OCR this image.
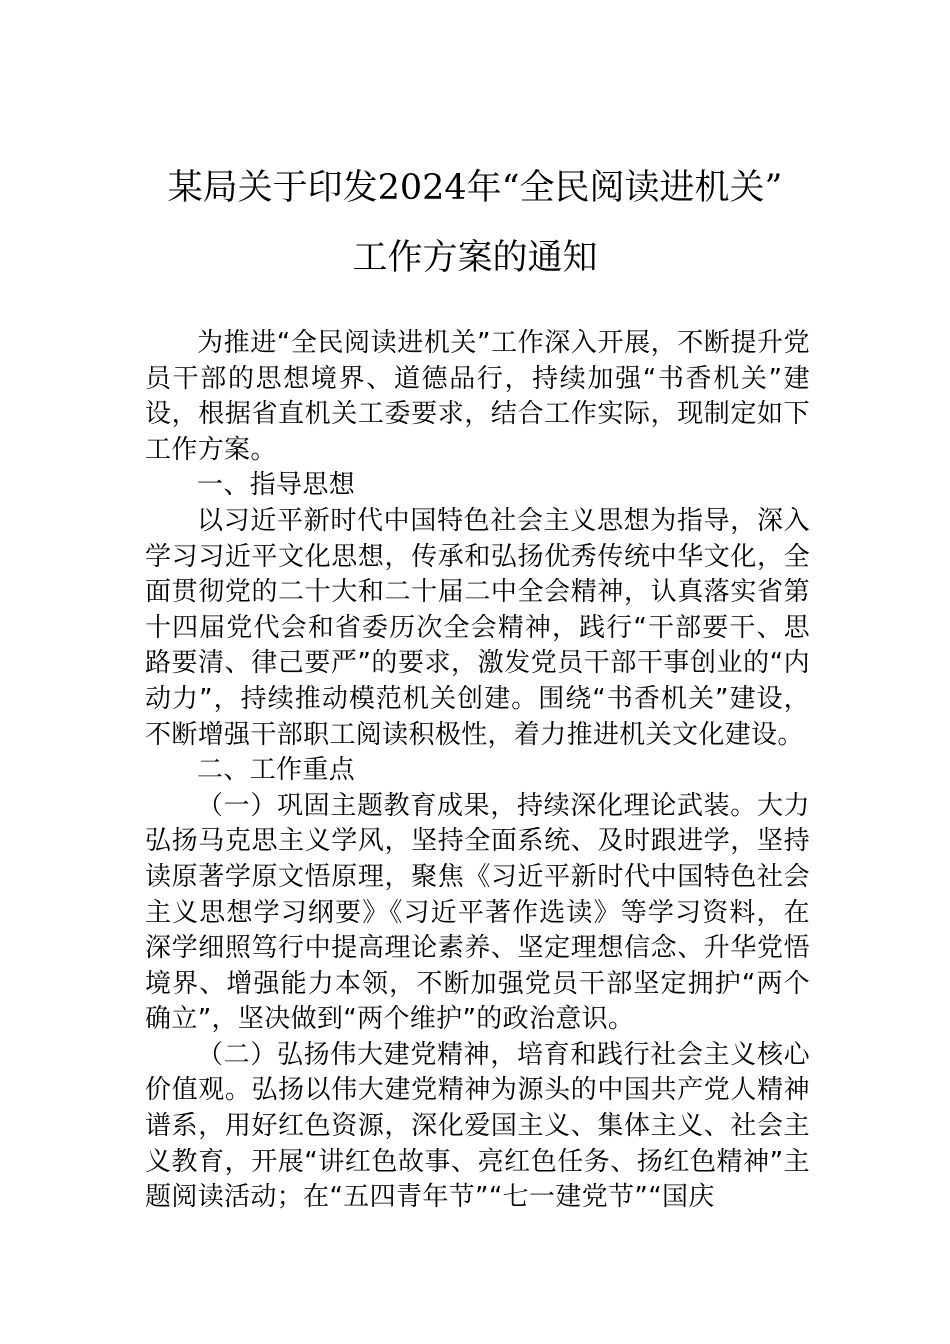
某局关于印发2024年“全民阅读进机关”
工作方案的通知

为推进“全民阅读进机关”工作深入开展，不断提升党员干部的思想境界、道德品行，持续加强“书香机关”建设，根据省直机关工委要求，结合工作实际，现制定如下工作方案。

一、指导思想

以习近平新时代中国特色社会主义思想为指导，深入学习习近平文化思想，传承和弘扬优秀传统中华文化，全面贯彻党的二十大和二十届二中全会精神，认真落实省第十四届党代会和省委历次全会精神，践行“干部要干、思路要清、律己要严”的要求，激发党员干部干事创业的“内动力”，持续推动模范机关创建。围绕“书香机关”建设，不断增强干部职工阅读积极性，着力推进机关文化建设。

二、工作重点

（一）巩固主题教育成果，持续深化理论武装。大力弘扬马克思主义学风，坚持全面系统、及时跟进学，坚持读原著学原文悟原理，聚焦《习近平新时代中国特色社会主义思想学习纲要》《习近平著作选读》等学习资料，在深学细照笃行中提高理论素养、坚定理想信念、升华党悟境界、增强能力本领，不断加强党员干部坚定拥护“两个确立”，坚决做到“两个维护”的政治意识。

（二）弘扬伟大建党精神，培育和践行社会主义核心价值观。弘扬以伟大建党精神为源头的中国共产党人精神谱系，用好红色资源，深化爱国主义、集体主义、社会主义教育，开展“讲红色故事、亮红色任务、扬红色精神”主题阅读活动；在“五四青年节”“七一建党节”“国庆
